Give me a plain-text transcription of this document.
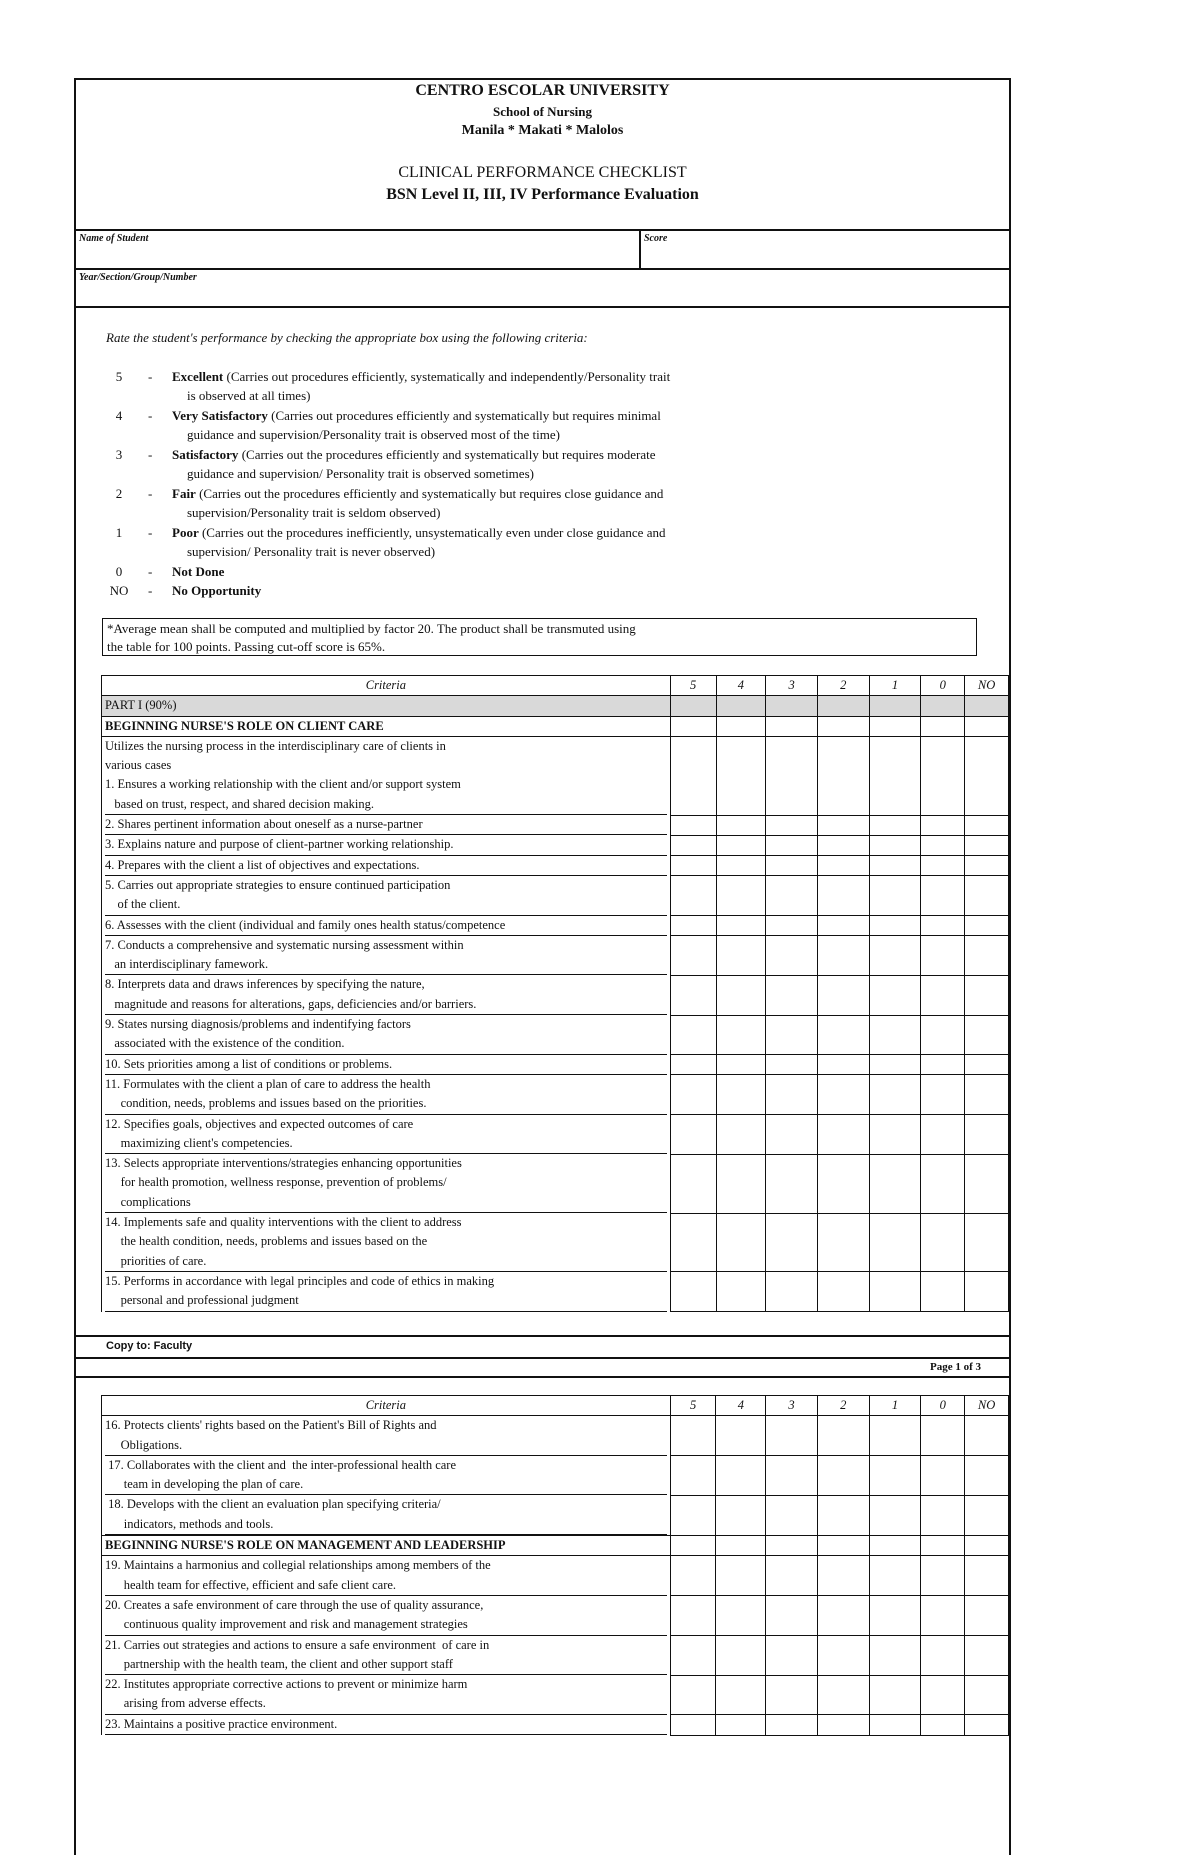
CENTRO ESCOLAR UNIVERSITY
School of Nursing
Manila * Makati * Malolos
CLINICAL PERFORMANCE CHECKLIST
BSN Level II, III, IV Performance Evaluation
Name of Student	Score
Year/Section/Group/Number
Rate the student's performance by checking the appropriate box using the following criteria:
5	- Excellent (Carries out procedures efficiently, systematically and independently/Personality trait
is observed at all times)
4	- Very Satisfactory (Carries out procedures efficiently and systematically but requires minimal
guidance and supervision/Personality trait is observed most of the time)
3	- Satisfactory (Carries out the procedures efficiently and systematically but requires moderate
guidance and supervision/ Personality trait is observed sometimes)
2	- Fair (Carries out the procedures efficiently and systematically but requires close guidance and
supervision/Personality trait is seldom observed)
1	- Poor (Carries out the procedures inefficiently, unsystematically even under close guidance and
supervision/ Personality trait is never observed)
0	- Not Done
NO	- No Opportunity
*Average mean shall be computed and multiplied by factor 20. The product shall be transmuted using
the table for 100 points. Passing cut-off score is 65%.
Criteria	5	4	3	2	1	0	NO
PART I (90%)							
BEGINNING NURSE'S ROLE ON CLIENT CARE							

Utilizes the nursing process in the interdisciplinary care of clients in
various cases
1. Ensures a working relationship with the client and/or support system
based on trust, respect, and shared decision making.							

2. Shares pertinent information about oneself as a nurse-partner							

3. Explains nature and purpose of client-partner working relationship.							

4. Prepares with the client a list of objectives and expectations.							

5. Carries out appropriate strategies to ensure continued participation
of the client.							

6. Assesses with the client (individual and family ones health status/competence							

7. Conducts a comprehensive and systematic nursing assessment within
an interdisciplinary famework.							

8. Interprets data and draws inferences by specifying the nature,
magnitude and reasons for alterations, gaps, deficiencies and/or barriers.							

9. States nursing diagnosis/problems and indentifying factors
associated with the existence of the condition.							

10. Sets priorities among a list of conditions or problems.							

11. Formulates with the client a plan of care to address the health
condition, needs, problems and issues based on the priorities.							

12. Specifies goals, objectives and expected outcomes of care
maximizing client's competencies.							

13. Selects appropriate interventions/strategies enhancing opportunities
for health promotion, wellness response, prevention of problems/
complications							

14. Implements safe and quality interventions with the client to address
the health condition, needs, problems and issues based on the
priorities of care.							

15. Performs in accordance with legal principles and code of ethics in making
personal and professional judgment							

Copy to: Faculty
Page 1 of 3
Criteria	5	4	3	2	1	0	NO

16. Protects clients' rights based on the Patient's Bill of Rights and
Obligations.							

17. Collaborates with the client and  the inter-professional health care
team in developing the plan of care.							

18. Develops with the client an evaluation plan specifying criteria/
indicators, methods and tools.							

BEGINNING NURSE'S ROLE ON MANAGEMENT AND LEADERSHIP							

19. Maintains a harmonius and collegial relationships among members of the
health team for effective, efficient and safe client care.							

20. Creates a safe environment of care through the use of quality assurance,
continuous quality improvement and risk and management strategies							

21. Carries out strategies and actions to ensure a safe environment  of care in
partnership with the health team, the client and other support staff							

22. Institutes appropriate corrective actions to prevent or minimize harm
arising from adverse effects.							

23. Maintains a positive practice environment.							
